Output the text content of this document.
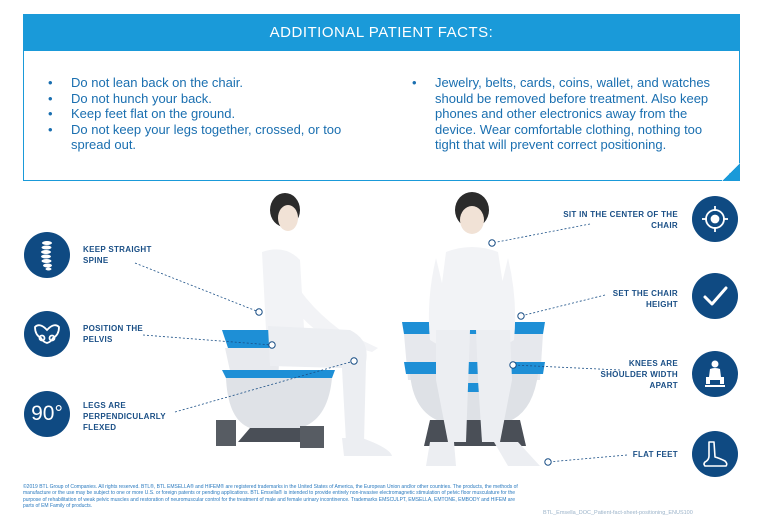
ADDITIONAL PATIENT FACTS:
• Do not lean back on the chair.
• Do not hunch your back.
• Keep feet flat on the ground.
• Do not keep your legs together, crossed, or too spread out.
• Jewelry, belts, cards, coins, wallet, and watches should be removed before treatment. Also keep phones and other electronics away from the device. Wear comfortable clothing, nothing too tight that will prevent correct positioning.
KEEP STRAIGHT SPINE
POSITION THE PELVIS
90°	LEGS ARE PERPENDICULARLY FLEXED
SIT IN THE CENTER OF THE CHAIR
SET THE CHAIR HEIGHT
KNEES ARE SHOULDER WIDTH APART
FLAT FEET
©2019 BTL Group of Companies. All rights reserved. BTL®, BTL EMSELLA® and HIFEM® are registered trademarks in the United States of America, the European Union and/or other countries. The products, the methods of manufacture or the use may be subject to one or more U.S. or foreign patents or pending applications. BTL Emsella® is intended to provide entirely non-invasive electromagnetic stimulation of pelvic floor musculature for the purpose of rehabilitation of weak pelvic muscles and restoration of neuromuscular control for the treatment of male and female urinary incontinence. Trademarks EMSCULPT, EMSELLA, EMTONE, EMBODY and HIFEM are parts of EM Family of products.
BTL_Emsella_DOC_Patient-fact-sheet-positioning_ENUS100
